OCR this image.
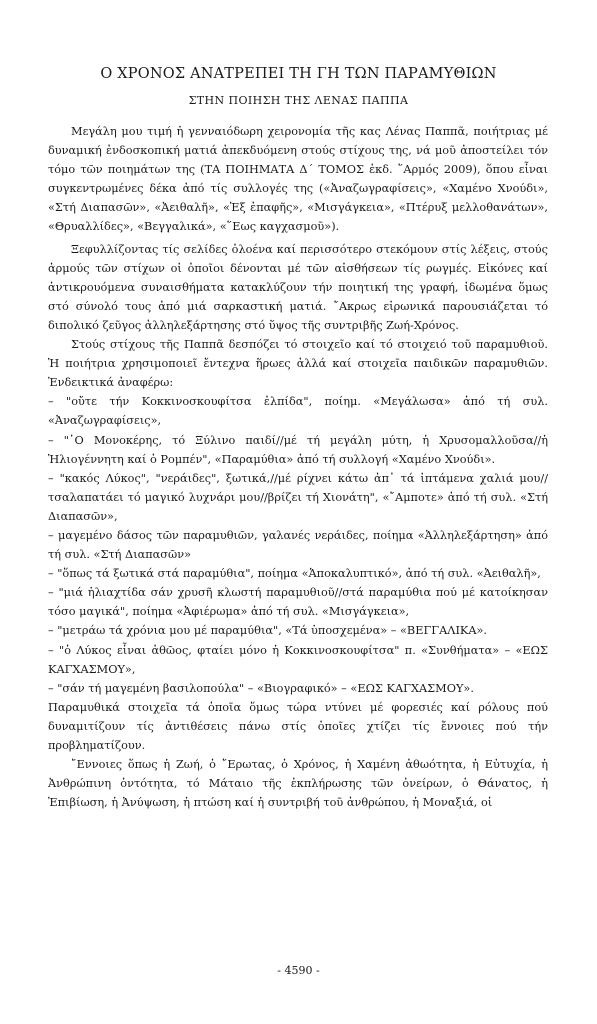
Ο ΧΡΟΝΟΣ ΑΝΑΤΡΕΠΕΙ ΤΗ ΓΗ ΤΩΝ ΠΑΡΑΜΥΘΙΩΝ
ΣΤΗΝ ΠΟΙΗΣΗ ΤΗΣ ΛΕΝΑΣ ΠΑΠΠΑ

Μεγάλη μου τιμή ἡ γενναιόδωρη χειρονομία τῆς κας Λένας Παππᾶ, ποιήτριας μέ δυναμική ἐνδοσκοπική ματιά ἀπεκδυόμενη στούς στίχους της, νά μοῦ ἀποστείλει τόν τόμο τῶν ποιημάτων της (ΤΑ ΠΟΙΗΜΑΤΑ Δ΄ ΤΟΜΟΣ ἐκδ. ῞Αρμός 2009), ὅπου εἶναι συγκεντρωμένες δέκα ἀπό τίς συλλογές της («Ἀναζωγραφίσεις», «Χαμένο Χνούδι», «Στή Διαπασῶν», «Ἀειθαλῆ», «Ἐξ ἐπαφῆς», «Μισγάγκεια», «Πτέρυξ μελλοθανάτων», «Θρυαλλίδες», «Βεγγαλικά», «῞Εως καγχασμοῦ»).

Ξεφυλλίζοντας τίς σελίδες ὁλοένα καί περισσότερο στεκόμουν στίς λέξεις, στούς ἁρμούς τῶν στίχων οἱ ὁποῖοι δένονται μέ τῶν αἰσθήσεων τίς ρωγμές. Εἰκόνες καί ἀντικρουόμενα συναισθήματα κατακλύζουν τήν ποιητική της γραφή, ἰδωμένα ὅμως στό σύνολό τους ἀπό μιά σαρκαστική ματιά. ῎Ακρως εἰρωνικά παρουσιάζεται τό διπολικό ζεῦγος ἀλληλεξάρτησης στό ὕψος τῆς συντριβῆς Ζωή-Χρόνος.

Στούς στίχους τῆς Παππᾶ δεσπόζει τό στοιχεῖο καί τό στοιχειό τοῦ παραμυθιοῦ. Ἡ ποιήτρια χρησιμοποιεῖ ἔντεχνα ἥρωες ἀλλά καί στοιχεῖα παιδικῶν παραμυθιῶν. Ἐνδεικτικά ἀναφέρω:

– "οὔτε τήν Κοκκινοσκουφίτσα ἐλπίδα", ποίημ. «Μεγάλωσα» ἀπό τή συλ. «Ἀναζωγραφίσεις»,

– "῾Ο Μονοκέρης, τό Ξύλινο παιδί//μέ τή μεγάλη μύτη, ἡ Χρυσομαλλοῦσα//ἡ Ἡλιογέννητη καί ὁ Ρομπέν", «Παραμύθια» ἀπό τή συλλογή «Χαμένο Χνούδι».

– "κακός Λύκος", "νεράιδες", ξωτικά,//μέ ρίχνει κάτω ἀπ᾿ τά ἱπτάμενα χαλιά μου//τσαλαπατάει τό μαγικό λυχνάρι μου//βρίζει τή Χιονάτη", «῎Αμποτε» ἀπό τή συλ. «Στή Διαπασῶν»,

– μαγεμένο δάσος τῶν παραμυθιῶν, γαλανές νεράιδες, ποίημα «Ἀλληλεξάρτηση» ἀπό τή συλ. «Στή Διαπασῶν»

– "ὅπως τά ξωτικά στά παραμύθια", ποίημα «Ἀποκαλυπτικό», ἀπό τή συλ. «Ἀειθαλῆ»,

– "μιά ἡλιαχτίδα σάν χρυσῆ κλωστή παραμυθιοῦ//στά παραμύθια πού μέ κατοίκησαν τόσο μαγικά", ποίημα «Ἀφιέρωμα» ἀπό τή συλ. «Μισγάγκεια»,

– "μετράω τά χρόνια μου μέ παραμύθια", «Τά ὑποσχεμένα» – «ΒΕΓΓΑΛΙΚΑ».

– "ὁ Λύκος εἶναι ἀθῶος, φταίει μόνο ἡ Κοκκινοσκουφίτσα" π. «Συνθήματα» – «ΕΩΣ ΚΑΓΧΑΣΜΟΥ»,

– "σάν τή μαγεμένη βασιλοπούλα" – «Βιογραφικό» – «ΕΩΣ ΚΑΓΧΑΣΜΟΥ».

Παραμυθικά στοιχεῖα τά ὁποῖα ὅμως τώρα ντύνει μέ φορεσιές καί ρόλους πού δυναμιτίζουν τίς ἀντιθέσεις πάνω στίς ὁποῖες χτίζει τίς ἔννοιες πού τήν προβληματίζουν.

῎Εννοιες ὅπως ἡ Ζωή, ὁ ῎Ερωτας, ὁ Χρόνος, ἡ Χαμένη ἀθωότητα, ἡ Εὐτυχία, ἡ Ἀνθρώπινη ὀντότητα, τό Μάταιο τῆς ἐκπλήρωσης τῶν ὀνείρων, ὁ Θάνατος, ἡ Ἐπιβίωση, ἡ Ἀνύψωση, ἡ πτώση καί ἡ συντριβή τοῦ ἀνθρώπου, ἡ Μοναξιά, οἱ

- 4590 -
